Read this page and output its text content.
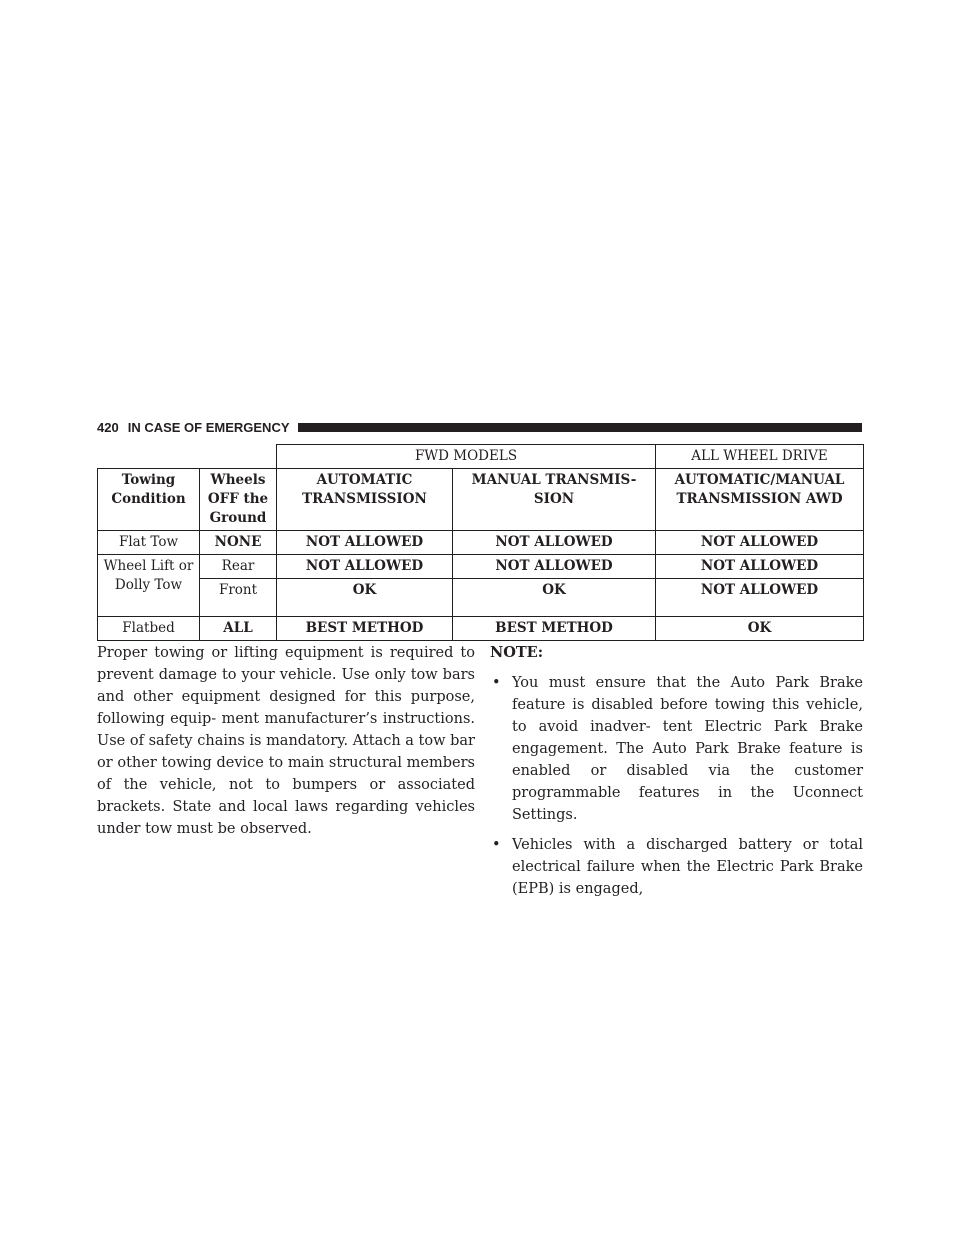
420 IN CASE OF EMERGENCY
		FWD MODELS		ALL WHEEL DRIVE
Towing Condition	Wheels OFF the Ground	AUTOMATIC TRANSMISSION	MANUAL TRANSMIS- SION	AUTOMATIC/MANUAL TRANSMISSION AWD
Flat Tow	NONE	NOT ALLOWED	NOT ALLOWED	NOT ALLOWED
Wheel Lift or Dolly Tow	Rear	NOT ALLOWED	NOT ALLOWED	NOT ALLOWED
	Front	OK	OK	NOT ALLOWED
Flatbed	ALL	BEST METHOD	BEST METHOD	OK
Proper towing or lifting equipment is required to prevent damage to your vehicle. Use only tow bars and other equipment designed for this purpose, following equip- ment manufacturer’s instructions. Use of safety chains is mandatory. Attach a tow bar or other towing device to main structural members of the vehicle, not to bumpers or associated brackets. State and local laws regarding vehicles under tow must be observed.
NOTE:
• You must ensure that the Auto Park Brake feature is disabled before towing this vehicle, to avoid inadver- tent Electric Park Brake engagement. The Auto Park Brake feature is enabled or disabled via the customer programmable features in the Uconnect Settings.
• Vehicles with a discharged battery or total electrical failure when the Electric Park Brake (EPB) is engaged,
